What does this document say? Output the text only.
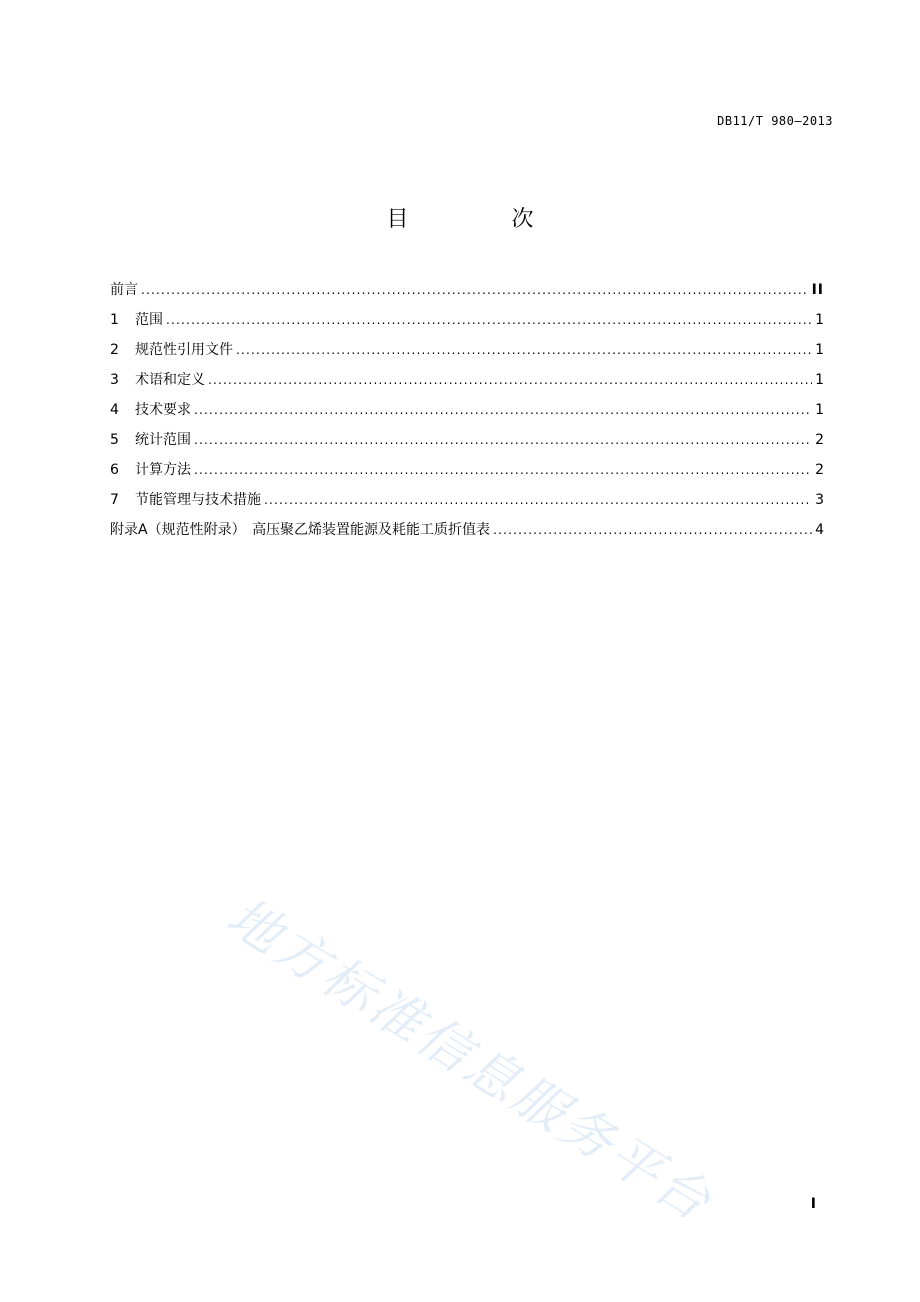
DB11/T 980—2013
目 次
前言 .....	II
1	范围 .....	1
2	规范性引用文件 .....	1
3	术语和定义 .....	1
4	技术要求 .....	1
5	统计范围 .....	2
6	计算方法 .....	2
7	节能管理与技术措施 .....	3
附录A（规范性附录） 高压聚乙烯装置能源及耗能工质折值表 .....	4
地方标准信息服务平台	I
